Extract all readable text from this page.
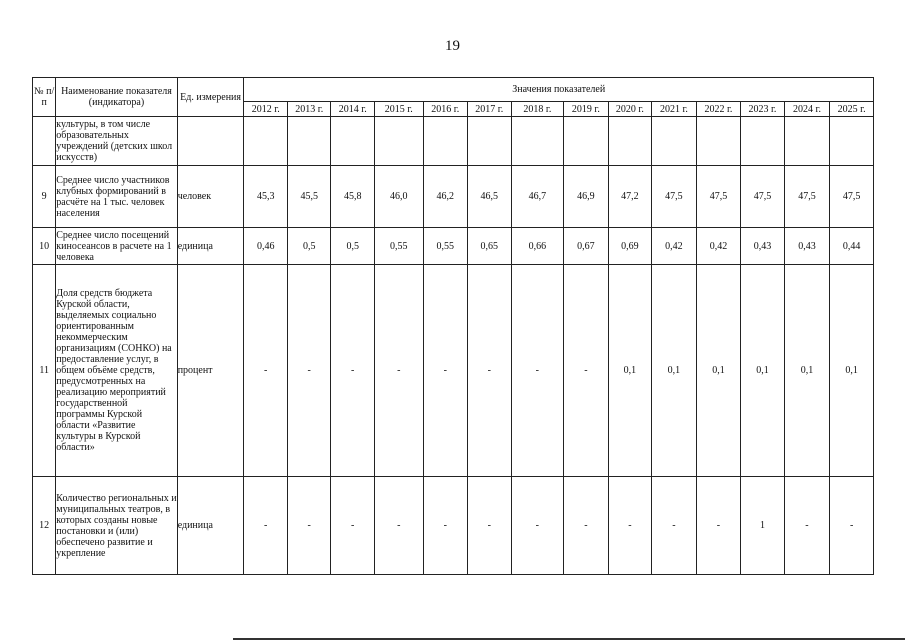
19
№ п/п	Наименование показателя (индикатора)	Ед. измерения	Значения показателей													
			2012 г.	2013 г.	2014 г.	2015 г.	2016 г.	2017 г.	2018 г.	2019 г.	2020 г.	2021 г.	2022 г.	2023 г.	2024 г.	2025 г.
	культуры, в том числе образовательных учреждений (детских школ искусств)															
9	Среднее число участников клубных формирований в расчёте на 1 тыс. человек населения	человек	45,3	45,5	45,8	46,0	46,2	46,5	46,7	46,9	47,2	47,5	47,5	47,5	47,5	47,5
10	Среднее число посещений киносеансов в расчете на 1 человека	единица	0,46	0,5	0,5	0,55	0,55	0,65	0,66	0,67	0,69	0,42	0,42	0,43	0,43	0,44
11	Доля средств бюджета Курской области, выделяемых социально ориентированным некоммерческим организациям (СОНКО) на предоставление услуг, в общем объёме средств, предусмотренных на реализацию мероприятий государственной программы Курской области «Развитие культуры в Курской области»	процент	-	-	-	-	-	-	-	-	0,1	0,1	0,1	0,1	0,1	0,1
12	Количество региональных и муниципальных театров, в которых созданы новые постановки и (или) обеспечено развитие и укрепление	единица	-	-	-	-	-	-	-	-	-	-	-	1	-	-
